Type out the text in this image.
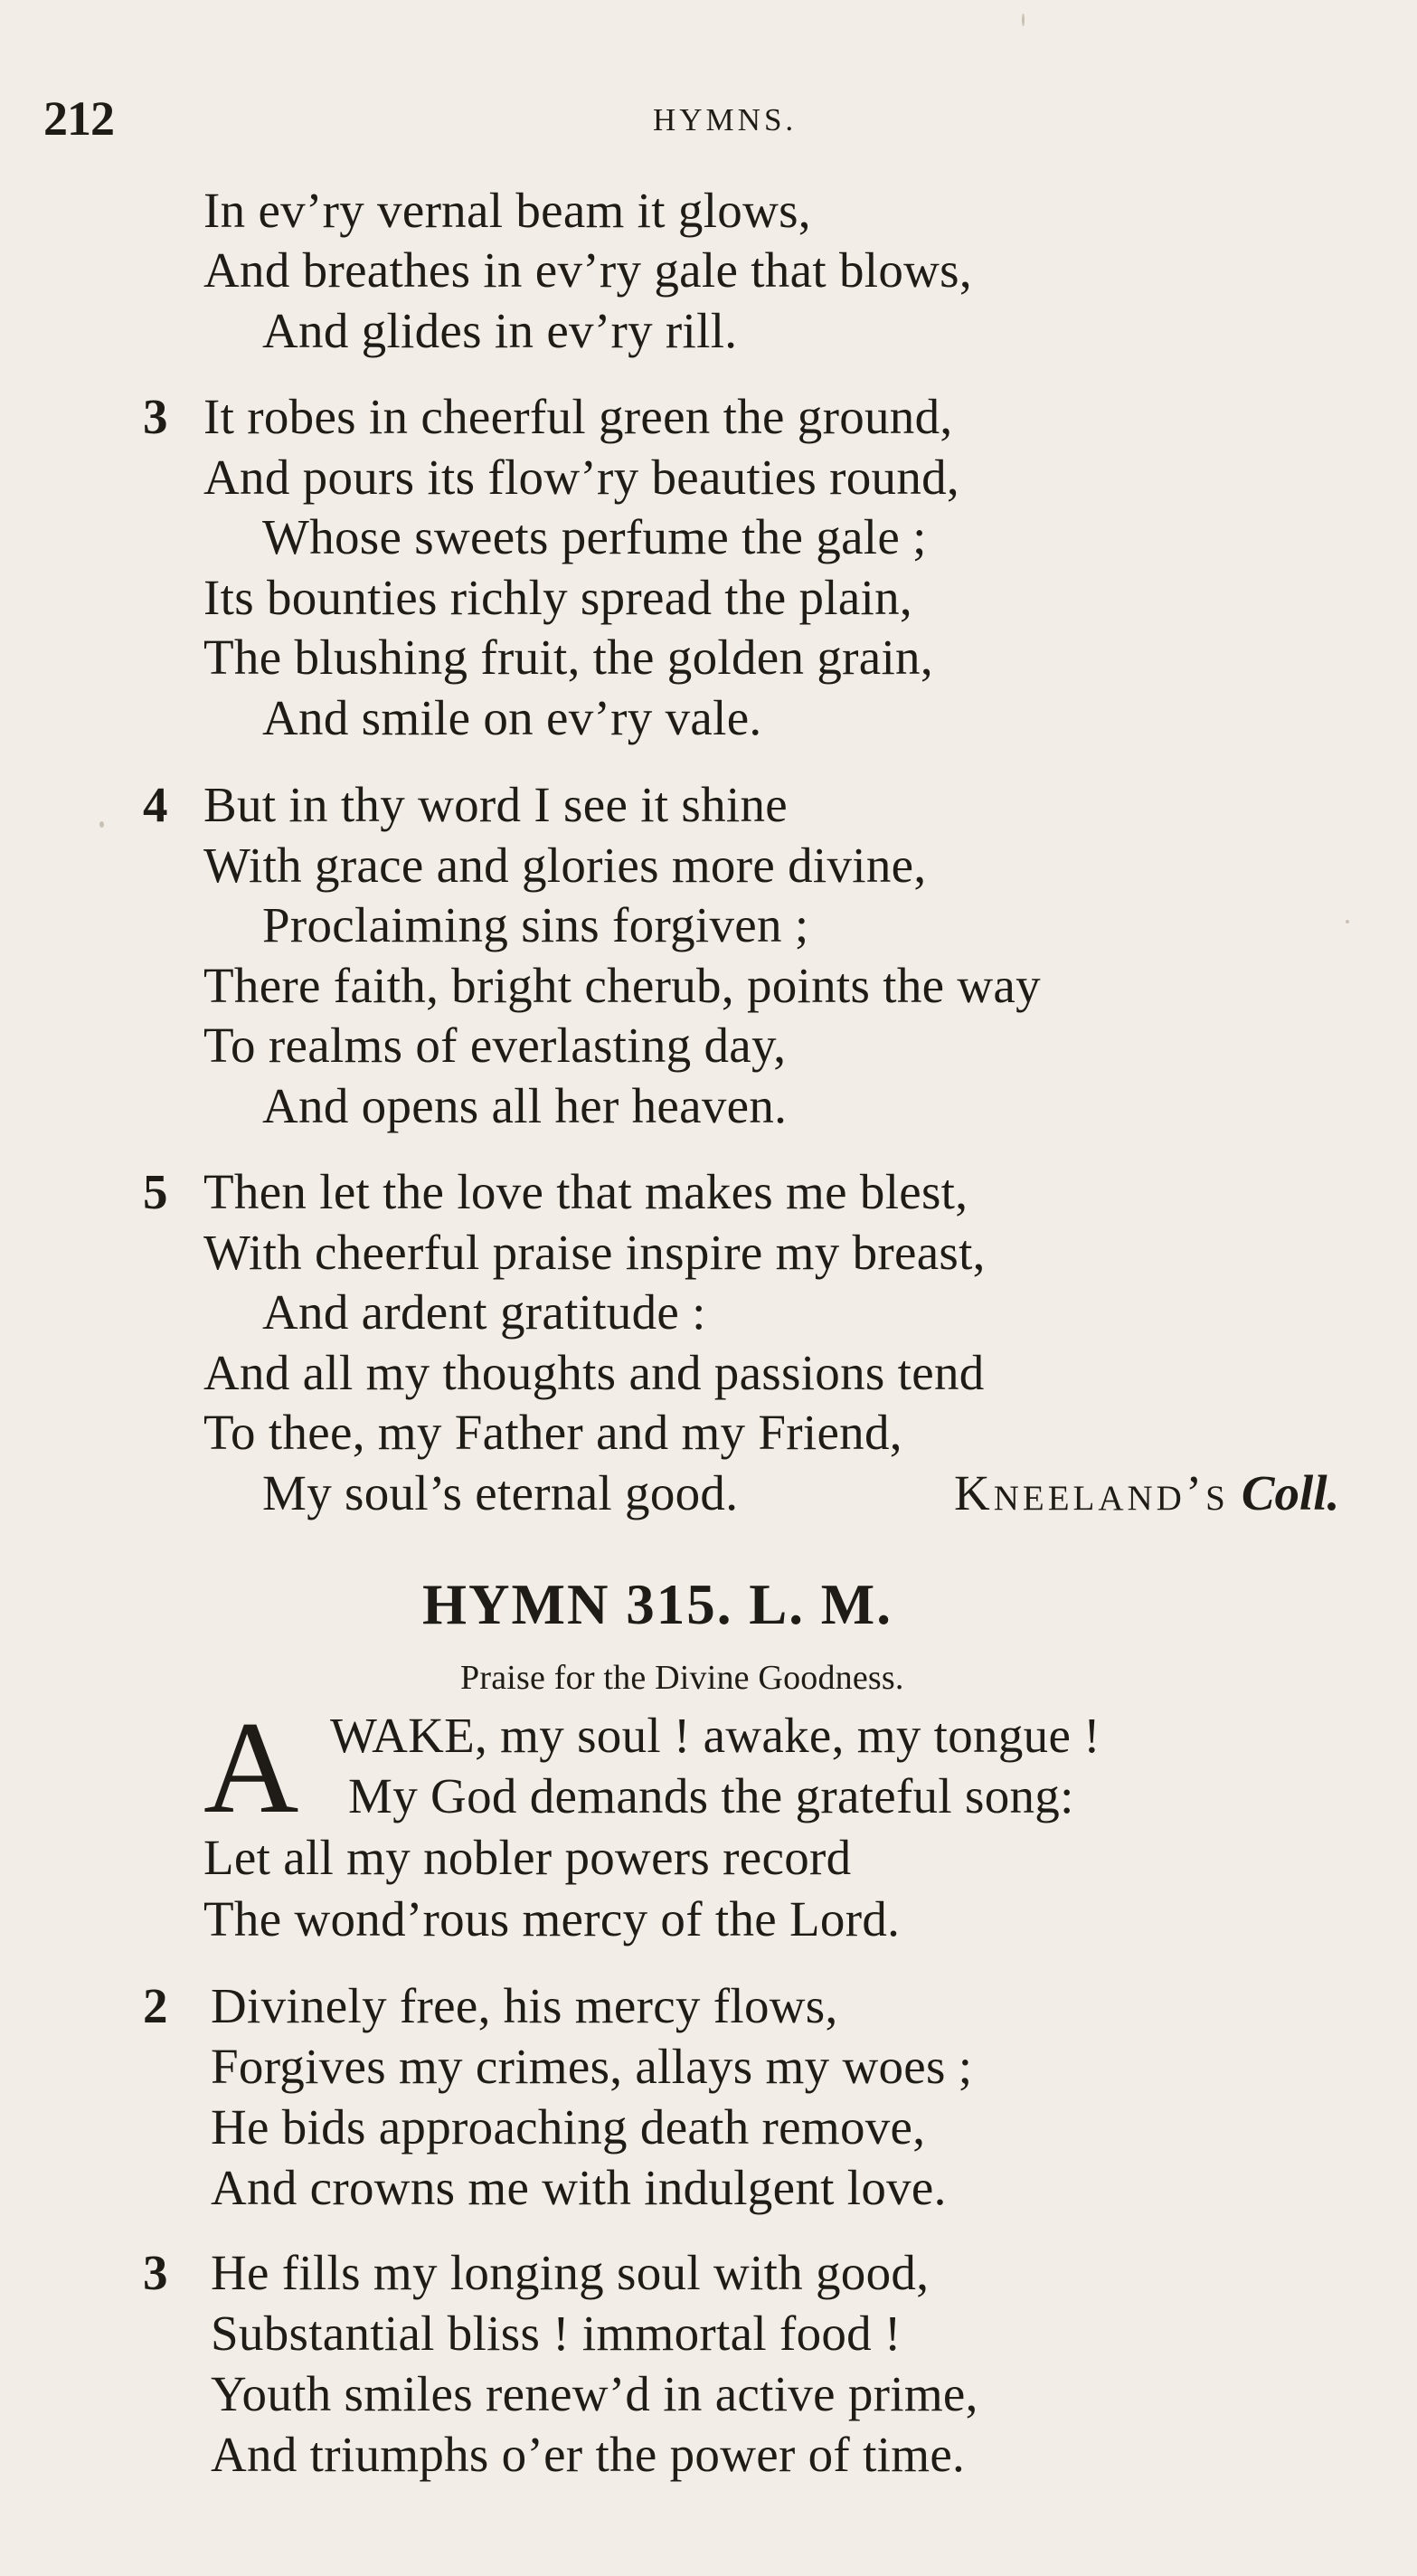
212	HYMNS.
In ev’ry vernal beam it glows,
And breathes in ev’ry gale that blows,
And glides in ev’ry rill.
3 It robes in cheerful green the ground,
And pours its flow’ry beauties round,
Whose sweets perfume the gale ;
Its bounties richly spread the plain,
The blushing fruit, the golden grain,
And smile on ev’ry vale.
4 But in thy word I see it shine
With grace and glories more divine,
Proclaiming sins forgiven ;
There faith, bright cherub, points the way
To realms of everlasting day,
And opens all her heaven.
5 Then let the love that makes me blest,
With cheerful praise inspire my breast,
And ardent gratitude :
And all my thoughts and passions tend
To thee, my Father and my Friend,
My soul’s eternal good.	Kneeland’s Coll.
HYMN 315. L. M.
Praise for the Divine Goodness.
A WAKE, my soul ! awake, my tongue !
My God demands the grateful song:
Let all my nobler powers record
The wond’rous mercy of the Lord.
2 Divinely free, his mercy flows,
Forgives my crimes, allays my woes ;
He bids approaching death remove,
And crowns me with indulgent love.
3 He fills my longing soul with good,
Substantial bliss ! immortal food !
Youth smiles renew’d in active prime,
And triumphs o’er the power of time.
